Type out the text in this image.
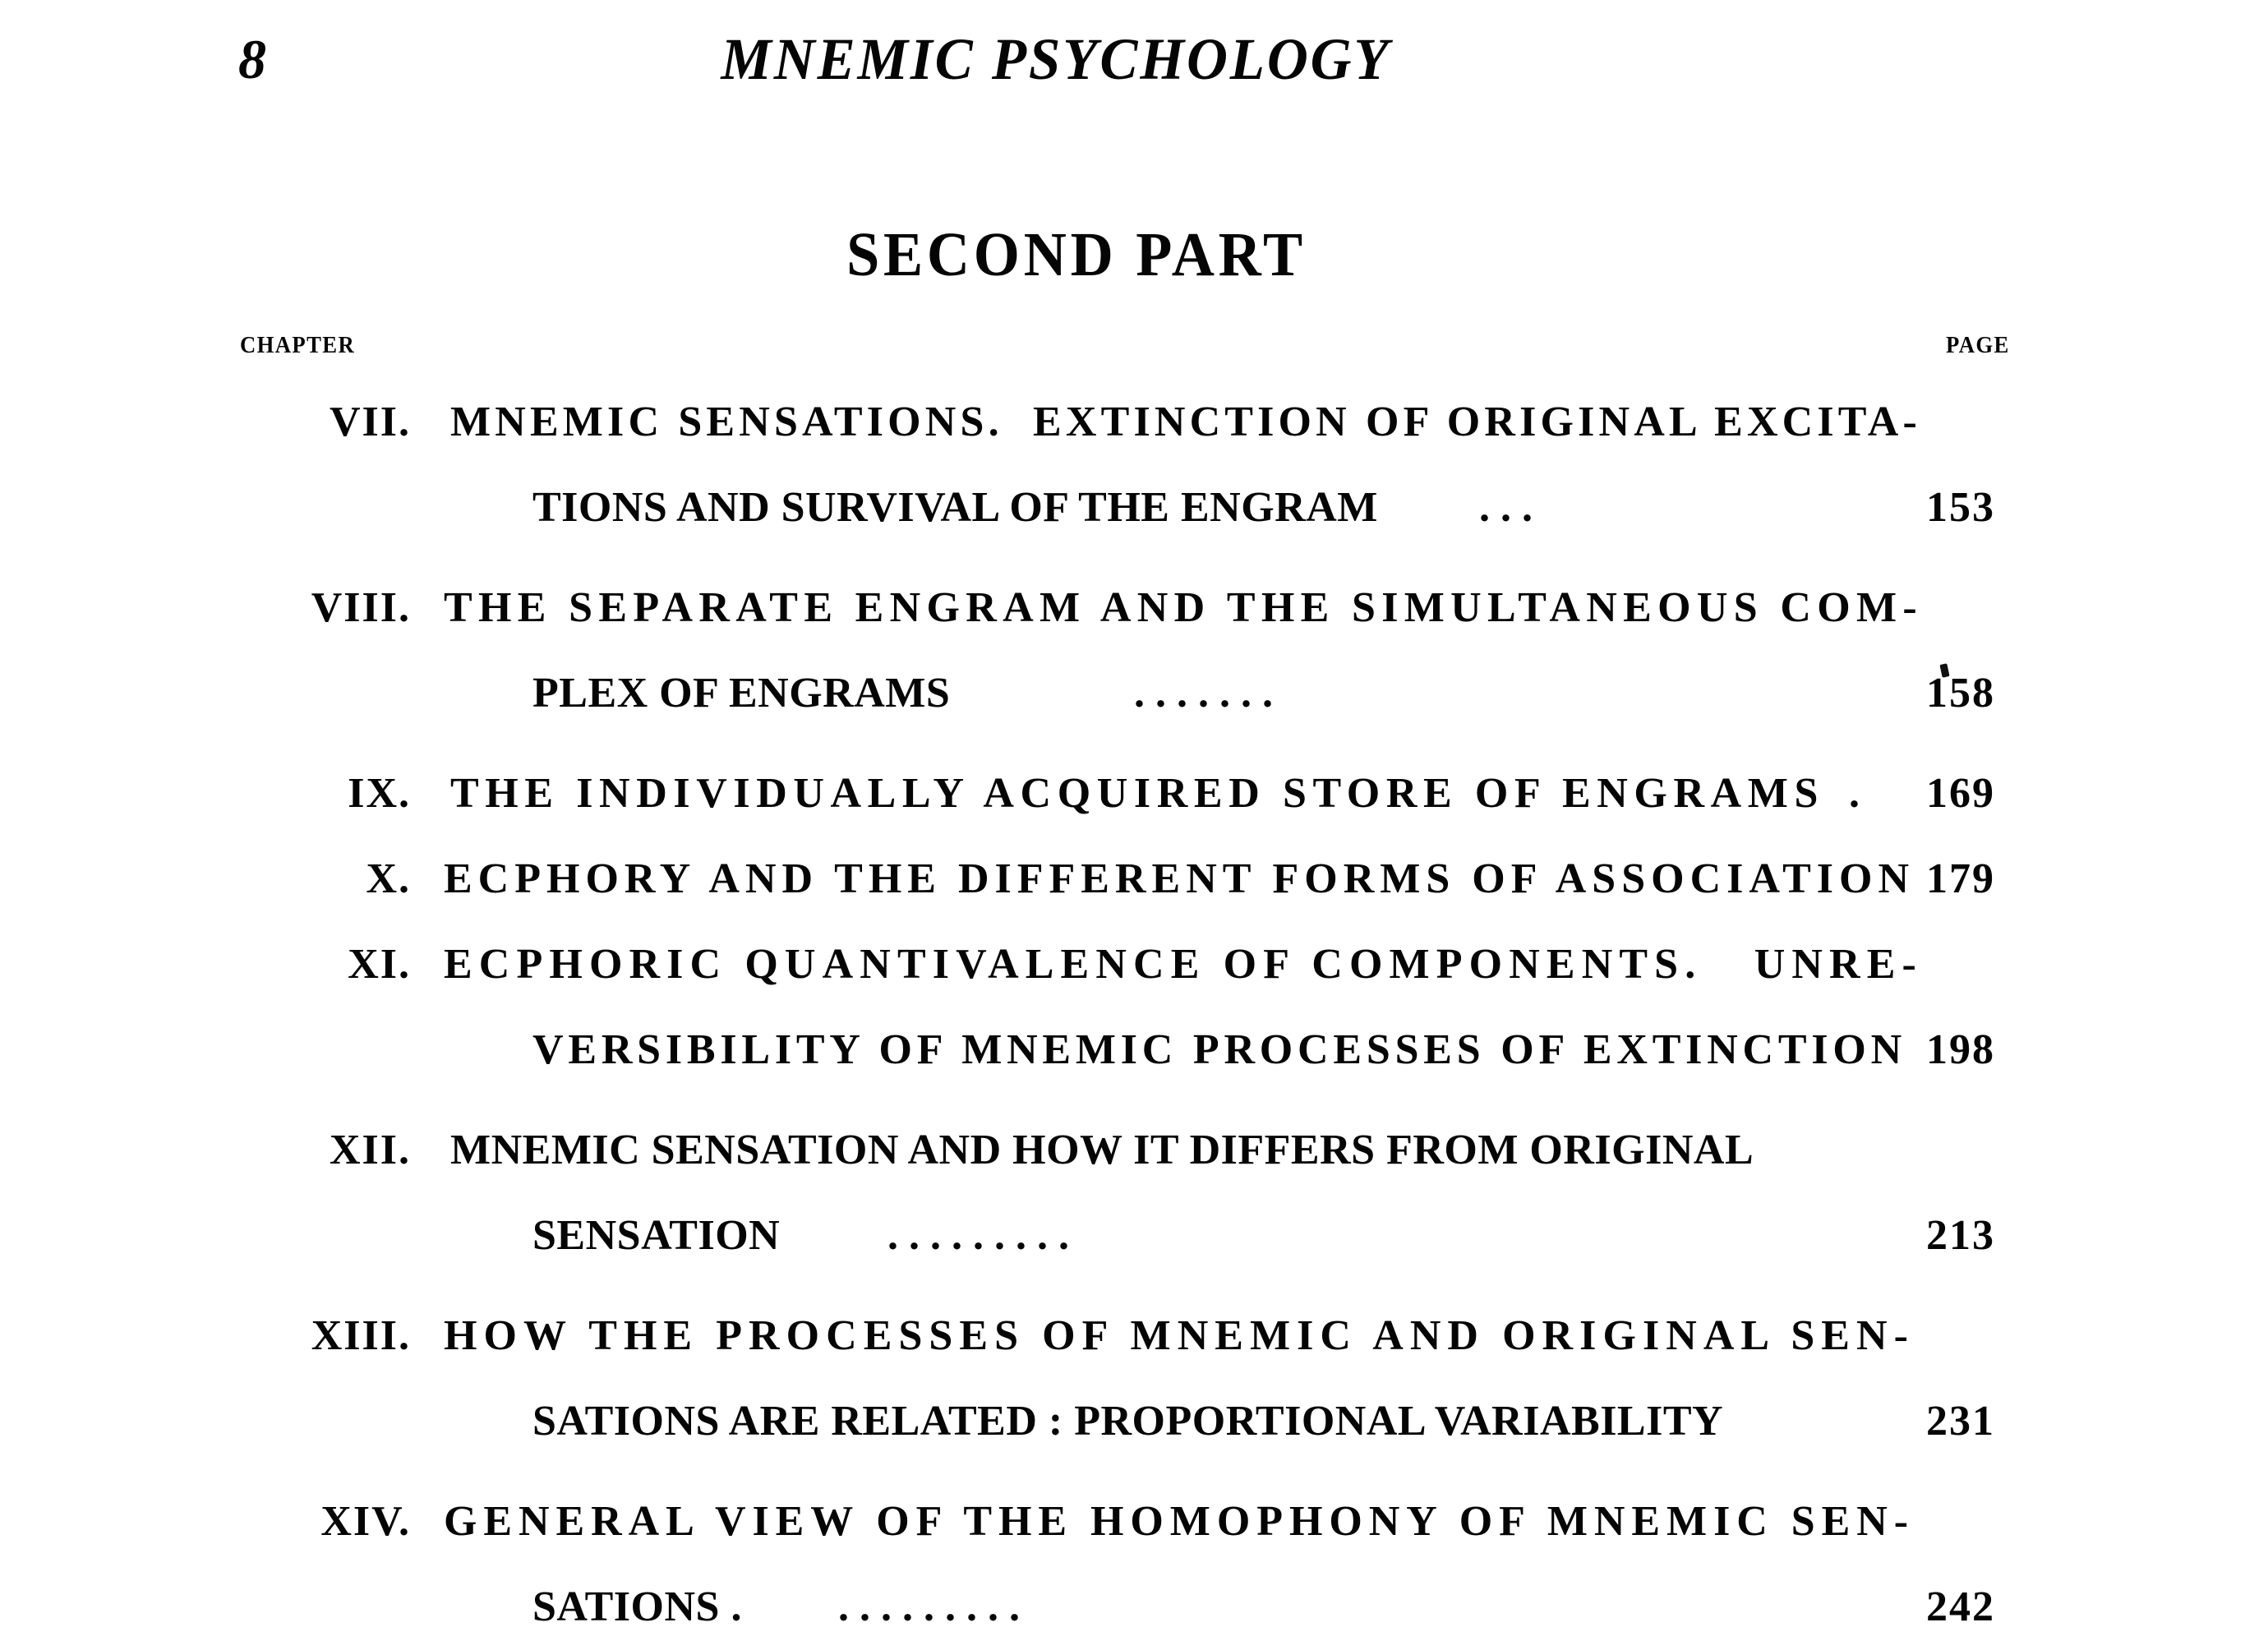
8	MNEMIC PSYCHOLOGY
SECOND PART
CHAPTER	PAGE
VII. MNEMIC SENSATIONS.  EXTINCTION OF ORIGINAL EXCITA-
TIONS AND SURVIVAL OF THE ENGRAM	. . .	153
VIII. THE SEPARATE ENGRAM AND THE SIMULTANEOUS COM-
PLEX OF ENGRAMS	. . . . . . .	158
IX. THE INDIVIDUALLY ACQUIRED STORE OF ENGRAMS .	169
X. ECPHORY AND THE DIFFERENT FORMS OF ASSOCIATION 179
XI. ECPHORIC QUANTIVALENCE OF COMPONENTS.   UNRE-
VERSIBILITY OF MNEMIC PROCESSES OF EXTINCTION 198
XII. MNEMIC SENSATION AND HOW IT DIFFERS FROM ORIGINAL
SENSATION	. . . . . . . . .	213
XIII. HOW THE PROCESSES OF MNEMIC AND ORIGINAL SEN-
SATIONS ARE RELATED : PROPORTIONAL VARIABILITY	231
XIV. GENERAL VIEW OF THE HOMOPHONY OF MNEMIC SEN-
SATIONS .	. . . . . . . . .	242
